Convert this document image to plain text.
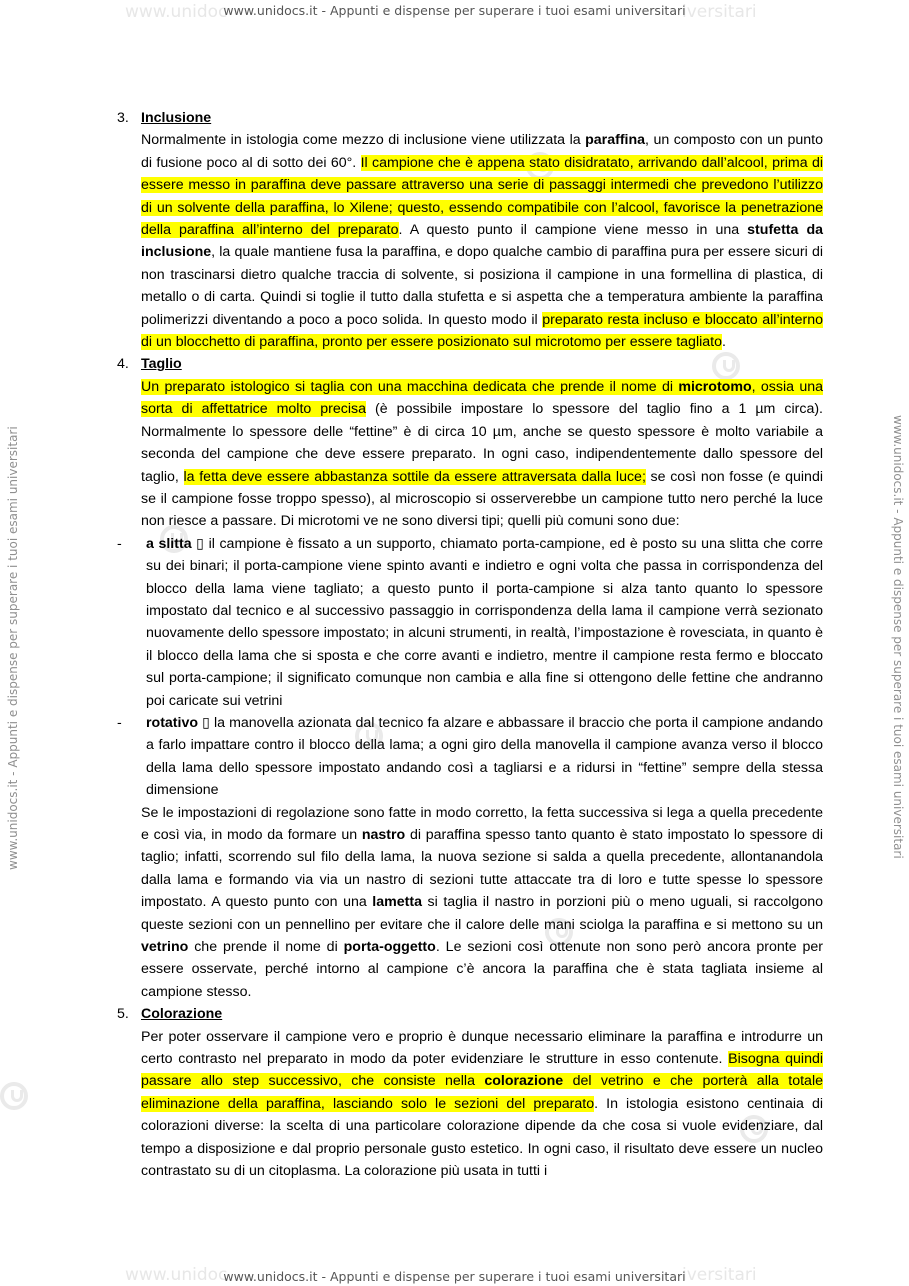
www.unidoc	iversitari
www.unidocs.it - Appunti e dispense per superare i tuoi esami universitari
www.unidoc	iversitari
www.unidocs.it - Appunti e dispense per superare i tuoi esami universitari
www.unidocs.it - Appunti e dispense per superare i tuoi esami universitari	www.unidocs.it - Appunti e dispense per superare i tuoi esami universitari
3. Inclusione
Normalmente in istologia come mezzo di inclusione viene utilizzata la paraffina, un composto con un punto di fusione poco al di sotto dei 60°. Il campione che è appena stato disidratato, arrivando dall’alcool, prima di essere messo in paraffina deve passare attraverso una serie di passaggi intermedi che prevedono l’utilizzo di un solvente della paraffina, lo Xilene; questo, essendo compatibile con l’alcool, favorisce la penetrazione della paraffina all’interno del preparato. A questo punto il campione viene messo in una stufetta da inclusione, la quale mantiene fusa la paraffina, e dopo qualche cambio di paraffina pura per essere sicuri di non trascinarsi dietro qualche traccia di solvente, si posiziona il campione in una formellina di plastica, di metallo o di carta. Quindi si toglie il tutto dalla stufetta e si aspetta che a temperatura ambiente la paraffina polimerizzi diventando a poco a poco solida. In questo modo il preparato resta incluso e bloccato all’interno di un blocchetto di paraffina, pronto per essere posizionato sul microtomo per essere tagliato.
4. Taglio
Un preparato istologico si taglia con una macchina dedicata che prende il nome di microtomo, ossia una sorta di affettatrice molto precisa (è possibile impostare lo spessore del taglio fino a 1 µm circa). Normalmente lo spessore delle “fettine” è di circa 10 µm, anche se questo spessore è molto variabile a seconda del campione che deve essere preparato. In ogni caso, indipendentemente dallo spessore del taglio, la fetta deve essere abbastanza sottile da essere attraversata dalla luce; se così non fosse (e quindi se il campione fosse troppo spesso), al microscopio si osserverebbe un campione tutto nero perché la luce non riesce a passare. Di microtomi ve ne sono diversi tipi; quelli più comuni sono due:
-	a slitta ▯ il campione è fissato a un supporto, chiamato porta-campione, ed è posto su una slitta che corre su dei binari; il porta-campione viene spinto avanti e indietro e ogni volta che passa in corrispondenza del blocco della lama viene tagliato; a questo punto il porta-campione si alza tanto quanto lo spessore impostato dal tecnico e al successivo passaggio in corrispondenza della lama il campione verrà sezionato nuovamente dello spessore impostato; in alcuni strumenti, in realtà, l’impostazione è rovesciata, in quanto è il blocco della lama che si sposta e che corre avanti e indietro, mentre il campione resta fermo e bloccato sul porta-campione; il significato comunque non cambia e alla fine si ottengono delle fettine che andranno poi caricate sui vetrini
-	rotativo ▯ la manovella azionata dal tecnico fa alzare e abbassare il braccio che porta il campione andando a farlo impattare contro il blocco della lama; a ogni giro della manovella il campione avanza verso il blocco della lama dello spessore impostato andando così a tagliarsi e a ridursi in “fettine” sempre della stessa dimensione
Se le impostazioni di regolazione sono fatte in modo corretto, la fetta successiva si lega a quella precedente e così via, in modo da formare un nastro di paraffina spesso tanto quanto è stato impostato lo spessore di taglio; infatti, scorrendo sul filo della lama, la nuova sezione si salda a quella precedente, allontanandola dalla lama e formando via via un nastro di sezioni tutte attaccate tra di loro e tutte spesse lo spessore impostato. A questo punto con una lametta si taglia il nastro in porzioni più o meno uguali, si raccolgono queste sezioni con un pennellino per evitare che il calore delle mani sciolga la paraffina e si mettono su un vetrino che prende il nome di porta-oggetto. Le sezioni così ottenute non sono però ancora pronte per essere osservate, perché intorno al campione c’è ancora la paraffina che è stata tagliata insieme al campione stesso.
5. Colorazione
Per poter osservare il campione vero e proprio è dunque necessario eliminare la paraffina e introdurre un certo contrasto nel preparato in modo da poter evidenziare le strutture in esso contenute. Bisogna quindi passare allo step successivo, che consiste nella colorazione del vetrino e che porterà alla totale eliminazione della paraffina, lasciando solo le sezioni del preparato. In istologia esistono centinaia di colorazioni diverse: la scelta di una particolare colorazione dipende da che cosa si vuole evidenziare, dal tempo a disposizione e dal proprio personale gusto estetico. In ogni caso, il risultato deve essere un nucleo contrastato su di un citoplasma. La colorazione più usata in tutti i
